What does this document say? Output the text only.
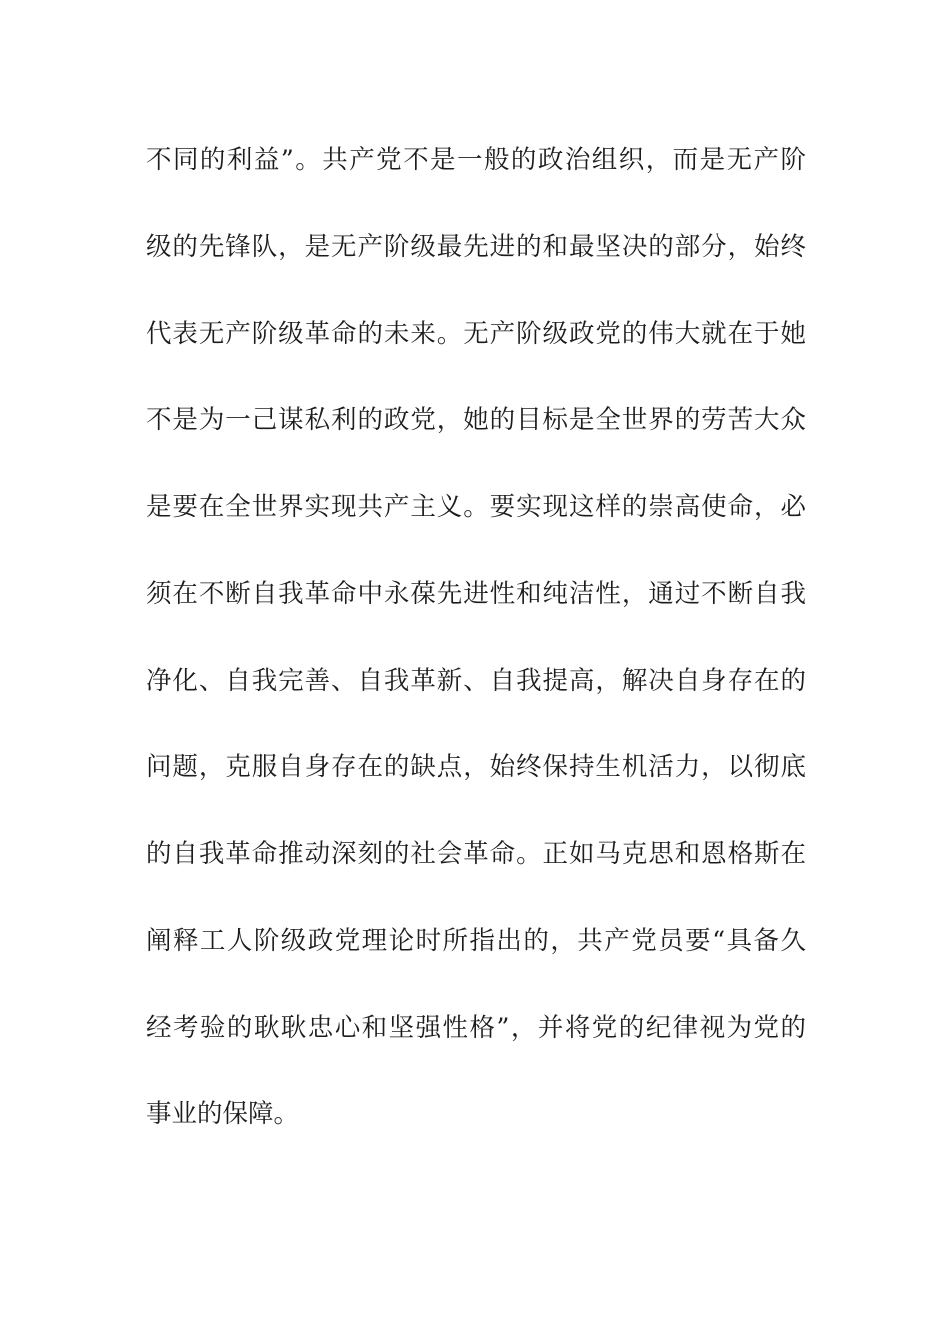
不同的利益”。共产党不是一般的政治组织，而是无产阶
级的先锋队，是无产阶级最先进的和最坚决的部分，始终
代表无产阶级革命的未来。无产阶级政党的伟大就在于她
不是为一己谋私利的政党，她的目标是全世界的劳苦大众
是要在全世界实现共产主义。要实现这样的崇高使命，必
须在不断自我革命中永葆先进性和纯洁性，通过不断自我
净化、自我完善、自我革新、自我提高，解决自身存在的
问题，克服自身存在的缺点，始终保持生机活力，以彻底
的自我革命推动深刻的社会革命。正如马克思和恩格斯在
阐释工人阶级政党理论时所指出的，共产党员要“具备久
经考验的耿耿忠心和坚强性格”，并将党的纪律视为党的
事业的保障。
